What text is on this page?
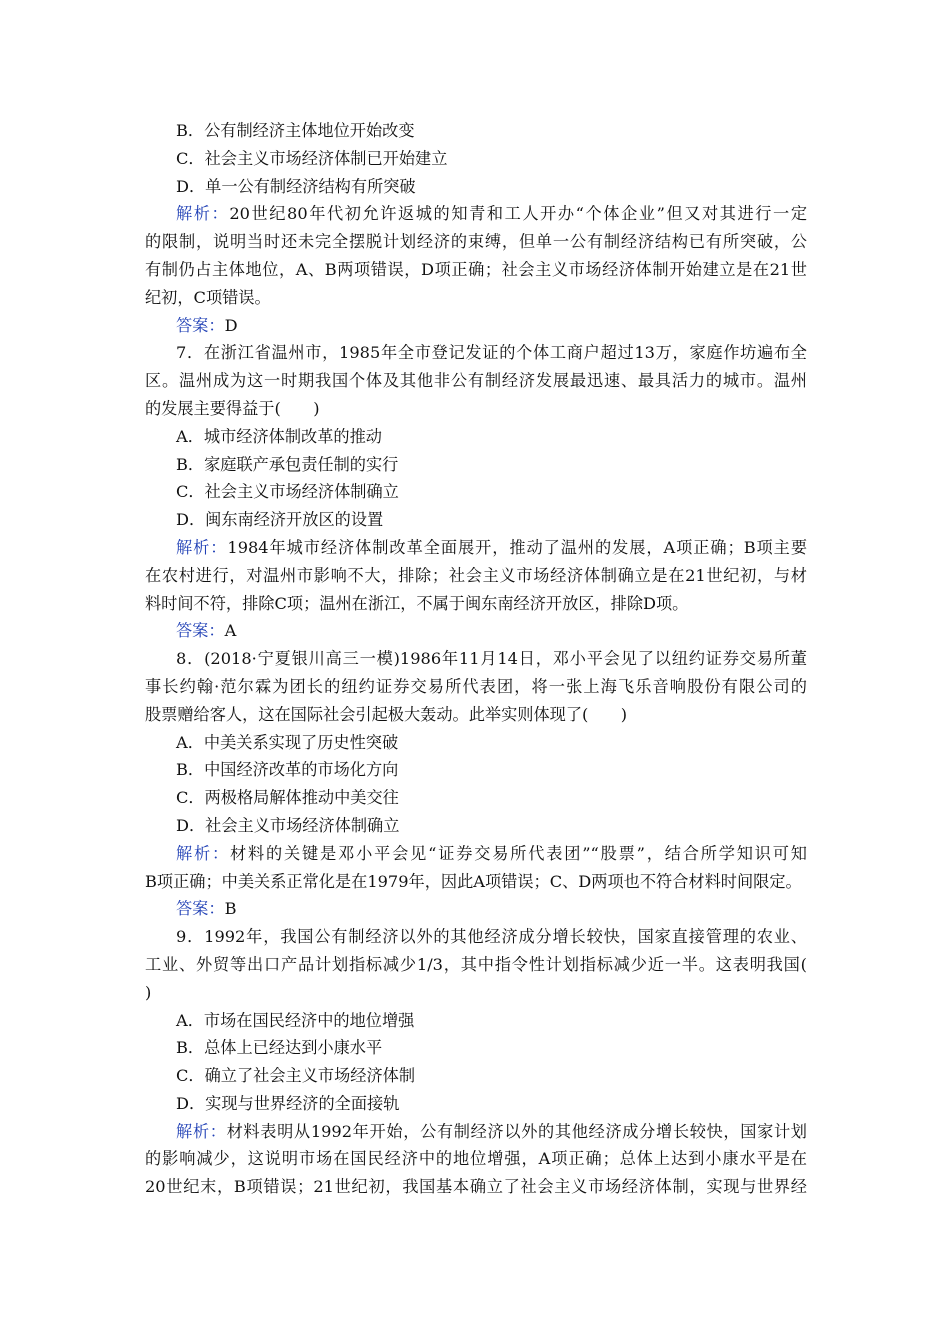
B．公有制经济主体地位开始改变
C．社会主义市场经济体制已开始建立
D．单一公有制经济结构有所突破
解析：20世纪80年代初允许返城的知青和工人开办“个体企业”但又对其进行一定
的限制，说明当时还未完全摆脱计划经济的束缚，但单一公有制经济结构已有所突破，公
有制仍占主体地位，A、B两项错误，D项正确；社会主义市场经济体制开始建立是在21世
纪初，C项错误。
答案：D
7．在浙江省温州市，1985年全市登记发证的个体工商户超过13万，家庭作坊遍布全
区。温州成为这一时期我国个体及其他非公有制经济发展最迅速、最具活力的城市。温州
的发展主要得益于(　　)
A．城市经济体制改革的推动
B．家庭联产承包责任制的实行
C．社会主义市场经济体制确立
D．闽东南经济开放区的设置
解析：1984年城市经济体制改革全面展开，推动了温州的发展，A项正确；B项主要
在农村进行，对温州市影响不大，排除；社会主义市场经济体制确立是在21世纪初，与材
料时间不符，排除C项；温州在浙江，不属于闽东南经济开放区，排除D项。
答案：A
8．(2018·宁夏银川高三一模)1986年11月14日，邓小平会见了以纽约证券交易所董
事长约翰·范尔霖为团长的纽约证券交易所代表团，将一张上海飞乐音响股份有限公司的
股票赠给客人，这在国际社会引起极大轰动。此举实则体现了(　　)
A．中美关系实现了历史性突破
B．中国经济改革的市场化方向
C．两极格局解体推动中美交往
D．社会主义市场经济体制确立
解析：材料的关键是邓小平会见“证券交易所代表团”“股票”，结合所学知识可知
B项正确；中美关系正常化是在1979年，因此A项错误；C、D两项也不符合材料时间限定。
答案：B
9．1992年，我国公有制经济以外的其他经济成分增长较快，国家直接管理的农业、
工业、外贸等出口产品计划指标减少1/3，其中指令性计划指标减少近一半。这表明我国(
)
A．市场在国民经济中的地位增强
B．总体上已经达到小康水平
C．确立了社会主义市场经济体制
D．实现与世界经济的全面接轨
解析：材料表明从1992年开始，公有制经济以外的其他经济成分增长较快，国家计划
的影响减少，这说明市场在国民经济中的地位增强，A项正确；总体上达到小康水平是在
20世纪末，B项错误；21世纪初，我国基本确立了社会主义市场经济体制，实现与世界经
